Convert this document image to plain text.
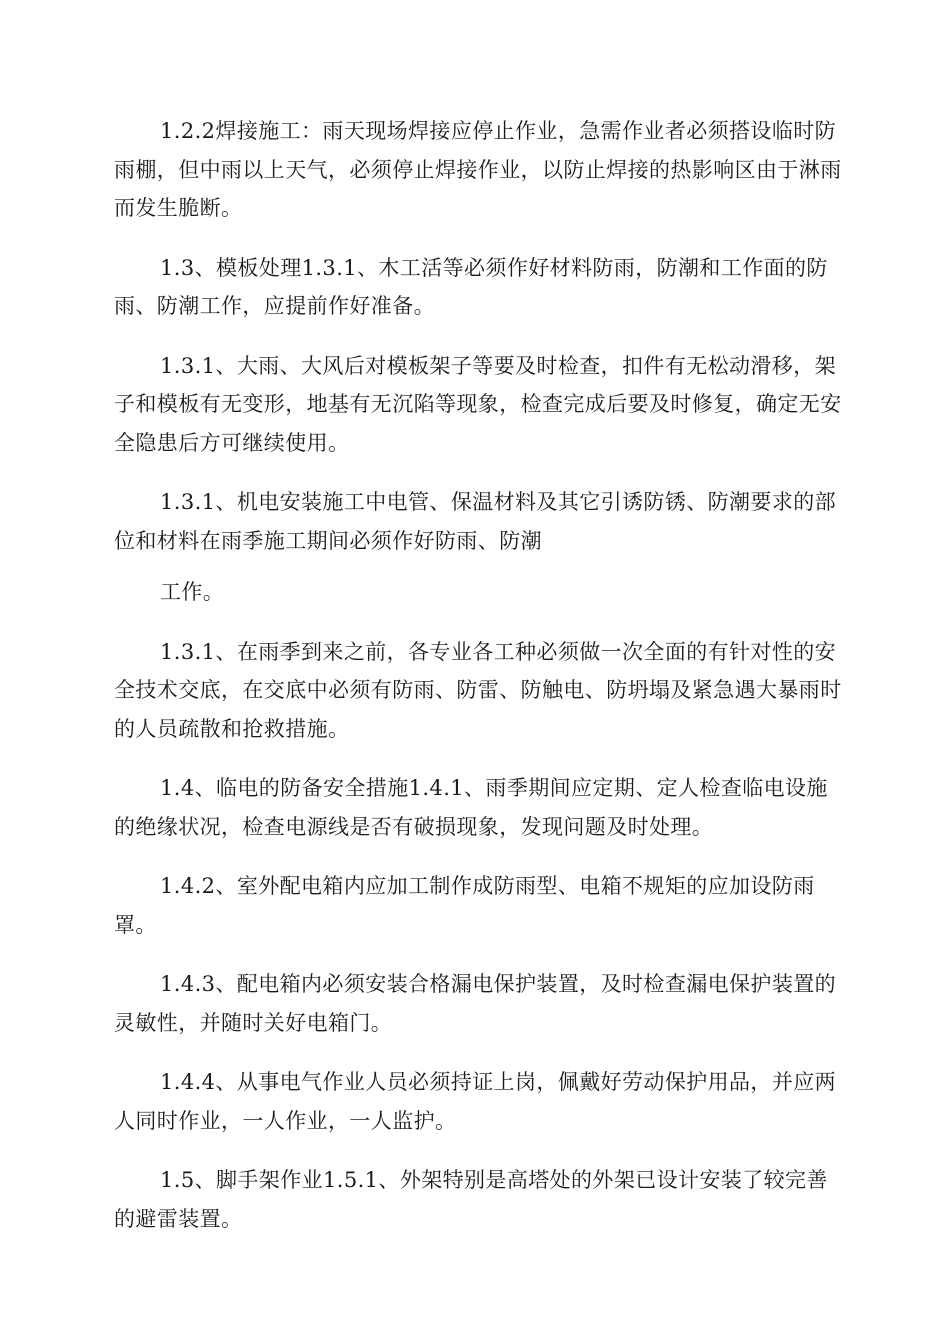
1.2.2焊接施工：雨天现场焊接应停止作业，急需作业者必须搭设临时防雨棚，但中雨以上天气，必须停止焊接作业，以防止焊接的热影响区由于淋雨而发生脆断。

1.3、模板处理1.3.1、木工活等必须作好材料防雨，防潮和工作面的防雨、防潮工作，应提前作好准备。

1.3.1、大雨、大风后对模板架子等要及时检查，扣件有无松动滑移，架子和模板有无变形，地基有无沉陷等现象，检查完成后要及时修复，确定无安全隐患后方可继续使用。

1.3.1、机电安装施工中电管、保温材料及其它引诱防锈、防潮要求的部位和材料在雨季施工期间必须作好防雨、防潮

工作。

1.3.1、在雨季到来之前，各专业各工种必须做一次全面的有针对性的安全技术交底，在交底中必须有防雨、防雷、防触电、防坍塌及紧急遇大暴雨时的人员疏散和抢救措施。

1.4、临电的防备安全措施1.4.1、雨季期间应定期、定人检查临电设施的绝缘状况，检查电源线是否有破损现象，发现问题及时处理。

1.4.2、室外配电箱内应加工制作成防雨型、电箱不规矩的应加设防雨罩。

1.4.3、配电箱内必须安装合格漏电保护装置，及时检查漏电保护装置的灵敏性，并随时关好电箱门。

1.4.4、从事电气作业人员必须持证上岗，佩戴好劳动保护用品，并应两人同时作业，一人作业，一人监护。

1.5、脚手架作业1.5.1、外架特别是高塔处的外架已设计安装了较完善的避雷装置。
